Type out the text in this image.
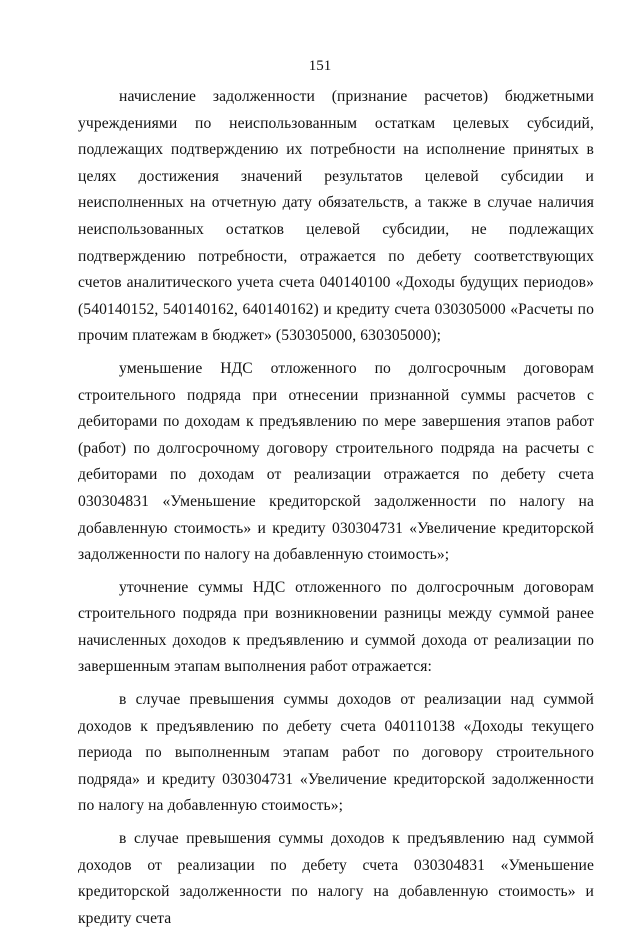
151

начисление задолженности (признание расчетов) бюджетными учреждениями по неиспользованным остаткам целевых субсидий, подлежащих подтверждению их потребности на исполнение принятых в целях достижения значений результатов целевой субсидии и неисполненных на отчетную дату обязательств, а также в случае наличия неиспользованных остатков целевой субсидии, не подлежащих подтверждению потребности, отражается по дебету соответствующих счетов аналитического учета счета 040140100 «Доходы будущих периодов» (540140152, 540140162, 640140162) и кредиту счета 030305000 «Расчеты по прочим платежам в бюджет» (530305000, 630305000);

уменьшение НДС отложенного по долгосрочным договорам строительного подряда при отнесении признанной суммы расчетов с дебиторами по доходам к предъявлению по мере завершения этапов работ (работ) по долгосрочному договору строительного подряда на расчеты с дебиторами по доходам от реализации отражается по дебету счета 030304831 «Уменьшение кредиторской задолженности по налогу на добавленную стоимость» и кредиту 030304731 «Увеличение кредиторской задолженности по налогу на добавленную стоимость»;

уточнение суммы НДС отложенного по долгосрочным договорам строительного подряда при возникновении разницы между суммой ранее начисленных доходов к предъявлению и суммой дохода от реализации по завершенным этапам выполнения работ отражается:

в случае превышения суммы доходов от реализации над суммой доходов к предъявлению по дебету счета 040110138 «Доходы текущего периода по выполненным этапам работ по договору строительного подряда» и кредиту 030304731 «Увеличение кредиторской задолженности по налогу на добавленную стоимость»;

в случае превышения суммы доходов к предъявлению над суммой доходов от реализации по дебету счета 030304831 «Уменьшение кредиторской задолженности по налогу на добавленную стоимость» и кредиту счета
